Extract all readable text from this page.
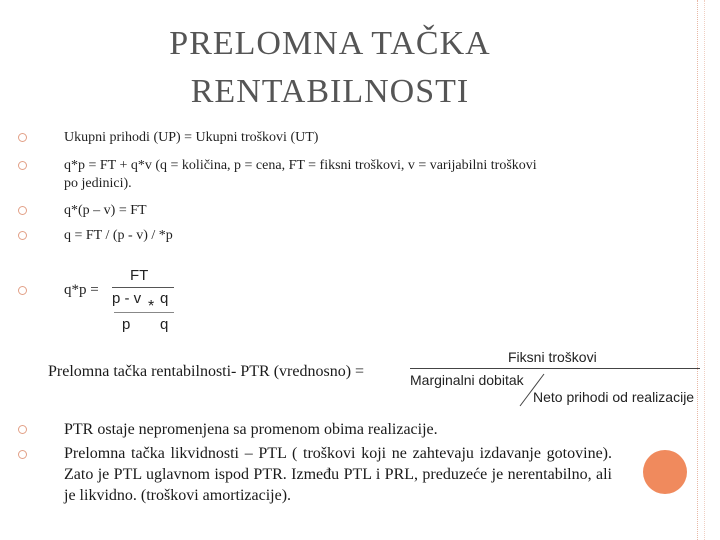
PRELOMNA TAČKA
RENTABILNOSTI
Ukupni prihodi (UP) = Ukupni troškovi (UT)
q*p = FT + q*v (q = količina, p = cena, FT = fiksni troškovi, v = varijabilni troškovi
po jedinici).
q*(p – v) = FT
q = FT / (p - v) / *p
q*p =
FT
p - v * q
p q
Prelomna tačka rentabilnosti- PTR (vrednosno) =
Fiksni troškovi
Marginalni dobitak
Neto prihodi od realizacije
PTR ostaje nepromenjena sa promenom obima realizacije.
Prelomna tačka likvidnosti – PTL ( troškovi koji ne zahtevaju izdavanje gotovine). Zato je PTL uglavnom ispod PTR. Između PTL i PRL, preduzeće je nerentabilno, ali je likvidno. (troškovi amortizacije).
